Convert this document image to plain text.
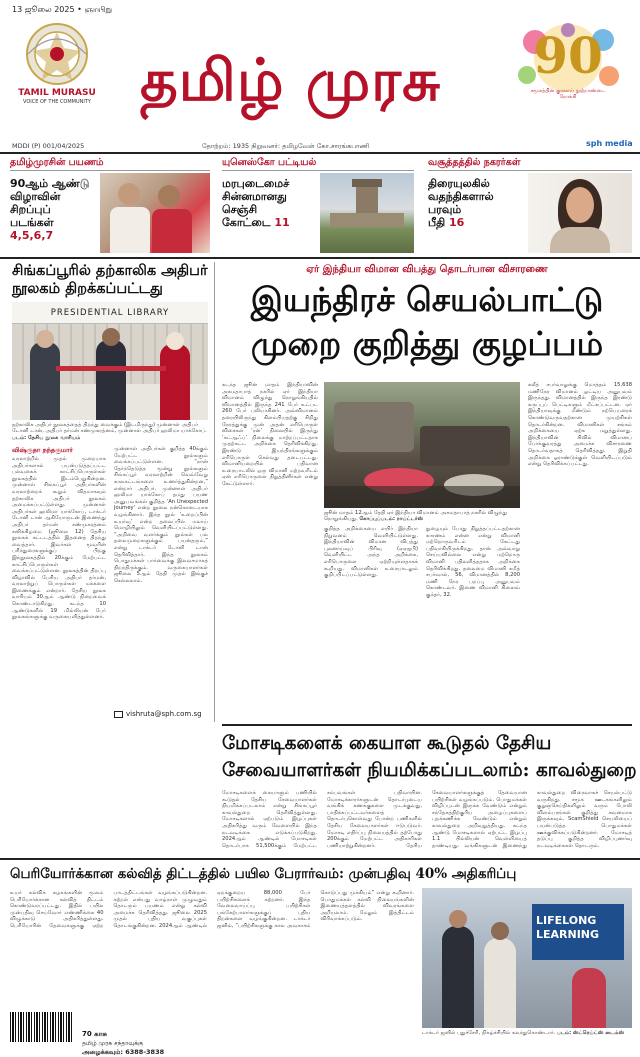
13 ஜூலை 2025 • ஞாயிறு
TAMIL MURASU
VOICE OF THE COMMUNITY தமிழ் முரசு	90
சமூகத்தின் குரலாய் நூற்றாண்டை நோக்கி
MDDI (P) 001/04/2025	தோற்றம்: 1935 நிறுவனர்: தமிழவேள் கோ.சாரங்கபாணி	sph media
தமிழ்முரசின் பயணம்
90ஆம் ஆண்டு
விழாவின்
சிறப்புப்
படங்கள் 4,5,6,7
யுனெஸ்கோ பட்டியல்
மரபுடைமைச்
சின்னமானது
செஞ்சி
கோட்டை 11
வசூத்தத்தில் நகரர்கள்
திரையுலகில்
வதந்திகளால்
பரவும்
பீதி 16
சிங்கப்பூரில் தற்காலிக அதிபர் நூலகம் திறக்கப்பட்டது
PRESIDENTIAL LIBRARY
தற்காலிக அதிபர் நூலகத்தைத் திறந்து வைக்கும் (இடமிருந்து) முன்னாள் அதிபர் டோனி டான், அதிபர் தர்மன் சண்முகரத்னம், முன்னாள் அதிபர் ஹலிமா யாக்கோப். படம்: தேசிய நூலக வாரியம்
விஷ்ருதா நந்தகுமார்
வரலாற்றில் முதல் முறையாக அதிபர்களால் பயன்படுத்தப்பட்ட பல்வகைக் காட்சிப்பொருள்கள் நூலகத்தில் இடம்பெறுகின்றன. முன்னாள் சிங்கப்பூர் அதிபர்களின் வரலாற்றைக் கூறும் விதமாகவும் தற்காலிக அதிபர் நூலகம் அமைக்கப்பட்டுள்ளது. முன்னாள் அதிபர்கள் ஹலிமா யாக்கோப், டாக்டர் டோனி டான் ஆகியோருடன் இணைந்து அதிபர் தர்மன் சண்முகரத்னம் சனிக்கிழமை (ஜூலை 12) தேசிய நூலகக் கட்டடத்தில் இதனைத் திறந்து வைத்தார். இவர்கள் மூவரின் பரிந்துரைகளுக்குப் பிறகு இந்நூலகத்தில் 20க்கும் மேற்பட்ட காட்சிப்பொருள்கள் வைக்கப்பட்டுள்ளன. நூலகத்தின் திறப்பு விழாவில் பேசிய அதிபர் தர்மன், வரலாற்றுப் பொருள்கள் மக்களை இணைக்கும் என்றார். தேசிய நூலக வாரியம் 30ஆம் ஆண்டு நிறைவைக் கொண்டாடுகிறது. கடந்த 10 ஆண்டுகளில் 19 மில்லியன் பேர் நூலகங்களுக்கு வருகையளித்துள்ளனர்.
முன்னாள் அதிபர்கள் குறித்த 40க்கும் மேற்பட்ட நூல்களும் வைக்கப்பட்டுள்ளன. “நான் தேர்ந்தெடுத்த மூன்று நூல்களும் சிங்கப்பூர் வரலாற்றின் வெவ்வேறு காலகட்டங்களை உணர்த்துகின்றன,” என்றார் அதிபர். முன்னாள் அதிபர் ஹலிமா யாக்கோப் தமது பயண அனுபவங்கள் குறித்த ‘An Unexpected Journey’ என்ற நூலை நன்கொடையாக வழங்கினார். இந்த நூல் ‘உறைப்பின் உயர்வு’ என்ற தலைப்பில் மலாய் மொழியிலும் வெளியிடப்பட்டுள்ளது. “அறிவை வளர்க்கும் நூல்கள் பல தலைமுறைகளுக்கும் பயன்தரும்,” என்று டாக்டர் டோனி டான் தெரிவித்தார். இந்த நூலகம் பொதுமக்கள் பார்வைக்கு இலவசமாகத் திறந்திருக்கும். வருகையாளர்கள் ஜூலை 5ஆம் தேதி முதல் இங்குச் செல்லலாம்.
vishruta@sph.com.sg
ஏர் இந்தியா விமான விபத்து தொடர்பான விசாரணை
இயந்திரச் செயல்பாட்டு
முறை குறித்து குழப்பம்
கடந்த ஜூன் மாதம் இந்தியாவின் அகமதாபாத் நகரில் ஏர் இந்தியா விமானம் விழுந்து நொறுங்கியதில் விமானத்தில் இருந்த 241 பேர் உட்பட 260 பேர் பலியாகினர். அவ்விமானம் தரையிலிருந்து கிளம்பியதற்கு சிறிது நேரத்துக்கு முன் அதன் எரிபொருள் விசைகள் ‘ரன்’ நிலையில் இருந்து ‘கட்ஆஃப்’ நிலைக்கு மாற்றப்பட்டதாக முதற்கட்ட அறிக்கை தெரிவிக்கிறது. இரண்டு இயந்திரங்களுக்கும் எரிபொருள் செல்வது தடைபட்டது. விமானியறையில் பதிவான உரையாடலில் ஒரு விமானி மற்றவரிடம் ஏன் எரிபொருளை நிறுத்தினீர்கள் என்று கேட்டுள்ளார்.
ஜூன் மாதம் 12ஆம் தேதி ஏர் இந்தியா விமானம் அகமதாபாத் நகரில் விழுந்து நொறுங்கியது. கோப்புப்படம்: ராய்ட்டர்ஸ்
குறித்த அறிக்கையை எயிர் இந்தியா நிறுவனம் வெளியிட்டுள்ளது. இந்தியாவின் விமான விபத்து புலனாய்வுப் பிரிவு (ஏஏஐபி) வெளியிட்ட அந்த அறிக்கை, எரிபொருளை ஏற்றியுள்ளதாகக் கூறியது. விமானிகள் உரையாடலும் குறிப்பிடப்பட்டுள்ளது.
நுழையும் போது நிறுத்தப்பட்டதற்கான காரணம் என்ன என்று விமானி மற்றொருவரிடம் கேட்டது பதிவாகியிருக்கிறது. தான் அவ்வாறு செய்யவில்லை என்று மற்றொரு விமானி பதிலளித்ததாக அறிக்கை தெரிவிக்கிறது. தலைமை விமானி சுமீத் சபர்வால், 56, விமானத்தில் 8,200 மணி நேர பறப்பு அனுபவம் கொண்டவர். இணை விமானி கிளைவ் குந்தர், 32.
கலீத் சபர்வாலுக்கு மொத்தம் 15,638 மணிநேர விமானம் ஓட்டிய அனுபவம் இருந்தது. விமானத்தில் இருந்த இரண்டு கருப்புப் பெட்டிகளும் மீட்கப்பட்டன. ஏர் இந்தியாவுக்கு மீண்டும் நற்பெயரைக் கொண்டுவருவதற்கான முயற்சிகள் தொடர்கின்றன. விமானிகள் சங்கம் அறிக்கையை ஏற்க மறுத்துள்ளது. இந்தியாவின் சிவில் விமானப் போக்குவரத்து அமைச்சு விசாரணை தொடர்வதாகத் தெரிவித்தது. இறுதி அறிக்கை ஓராண்டுக்குள் வெளியிடப்படும் என்று தெரிவிக்கப்பட்டது.
மோசடிகளைக் கையாள கூடுதல் தேசிய
சேவையாளர்கள் நியமிக்கப்படலாம்: காவல்துறை
மோசடிகளைக் கையாளும் பணியில் கூடுதல் தேசிய சேவையாளர்கள் நியமிக்கப்படலாம் என்று சிங்கப்பூர் காவல்துறை தெரிவித்துள்ளது. மோசடிகளால் ஏற்படும் இழப்புகள் அதிகரித்து வரும் வேளையில் இந்த நடவடிக்கை எடுக்கப்படுகிறது. 2024ஆம் ஆண்டில் மோசடிகள் தொடர்பாக 51,500க்கும் மேற்பட்ட சம்பவங்கள் பதிவாயின. மோசடிக்காரர்களுடன் தொடர்புடைய வங்கிக் கணக்குகளை முடக்குவது, பாதிக்கப்பட்டவர்களைத் தொடர்புகொள்வது போன்ற பணிகளில் தேசிய சேவையாளர்கள் ஈடுபடுவர். மோசடி எதிர்ப்பு நிலையத்தில் தற்போது 200க்கும் மேற்பட்ட அதிகாரிகள் பணியாற்றுகின்றனர். தேசிய சேவையாளர்களுக்குத் தேவையான பயிற்சிகள் வழங்கப்படும். பொதுமக்கள் விழிப்புடன் இருக்க வேண்டும் என்றும் சந்தேகத்திற்குரிய அழைப்புகளைப் புறக்கணிக்க வேண்டும் என்றும் காவல்துறை அறிவுறுத்தியது. கடந்த ஆண்டு மோசடிகளால் ஏற்பட்ட இழப்பு 1.1 பில்லியன் வெள்ளியைத் தாண்டியது. வங்கிகளுடன் இணைந்து காவல்துறை விரைவாகச் செயல்பட்டு வருகிறது. சமூக ஊடகங்களிலும் குறுஞ்செய்திகளிலும் வரும் போலி விளம்பரங்கள் குறித்து கவனமாக இருக்கவும். ScamShield செயலியைப் பயன்படுத்த பொதுமக்கள் ஊக்குவிக்கப்படுகின்றனர். மோசடித் தடுப்பு குறித்த விழிப்புணர்வு நடவடிக்கைகள் தொடரும்.
பெரியோர்க்கான கல்வித் திட்டத்தில் பயில பேரார்வம்: முன்பதிவு 40% அதிகரிப்பு
உயர் கல்விக் கழகங்களின் மூலம் பெரியோர்க்கான கல்வித் திட்டம் கொண்டுவரப்பட்டது. இதில் பயில முன்பதிவு செய்வோர் எண்ணிக்கை 40 விழுக்காடு அதிகரித்துள்ளது. பெரியோரின் தேவைகளுக்கு ஏற்ற பாடத்திட்டங்கள் வழங்கப்படுகின்றன. கற்றல் என்பது வாழ்நாள் முழுவதும் தொடரும் பயணம் என்று கல்வி அமைச்சு தெரிவித்தது. ஜூலை 2025 முதல் புதிய வகுப்புகள் தொடங்குகின்றன. 2024ஆம் ஆண்டில் ஏறக்குறைய 88,000 பேர் பயிற்சிகளைக் கற்றனர். இந்த வேலைவாய்ப்பு பயிற்சிகள் பங்கேற்பாளர்களுக்குப் புதிய திறன்களை வழங்குகின்றன. டாக்டர் ஜனில், “பயிற்சிகளுக்கு கால அவகாசம் கொடுப்பது முக்கியம்” என்று கூறினார். பொதுமக்கள் கல்வி நிலையங்களின் இணையத்தளத்தில் விவரங்களை அறியலாம். மேலும் இத்திட்டம் விரிவாக்கப்படும்.	LIFELONG LEARNING
டாக்டர் ஜனில் புதுச்சேரி, நிகழ்ச்சியில் கலந்துகொண்டார். படம்: ஸ்ட்ரெய்ட்ஸ் டைம்ஸ்
70 காசு
தமிழ் முரசு சந்தாவுக்கு
அழைக்கவும்: 6388-3838
